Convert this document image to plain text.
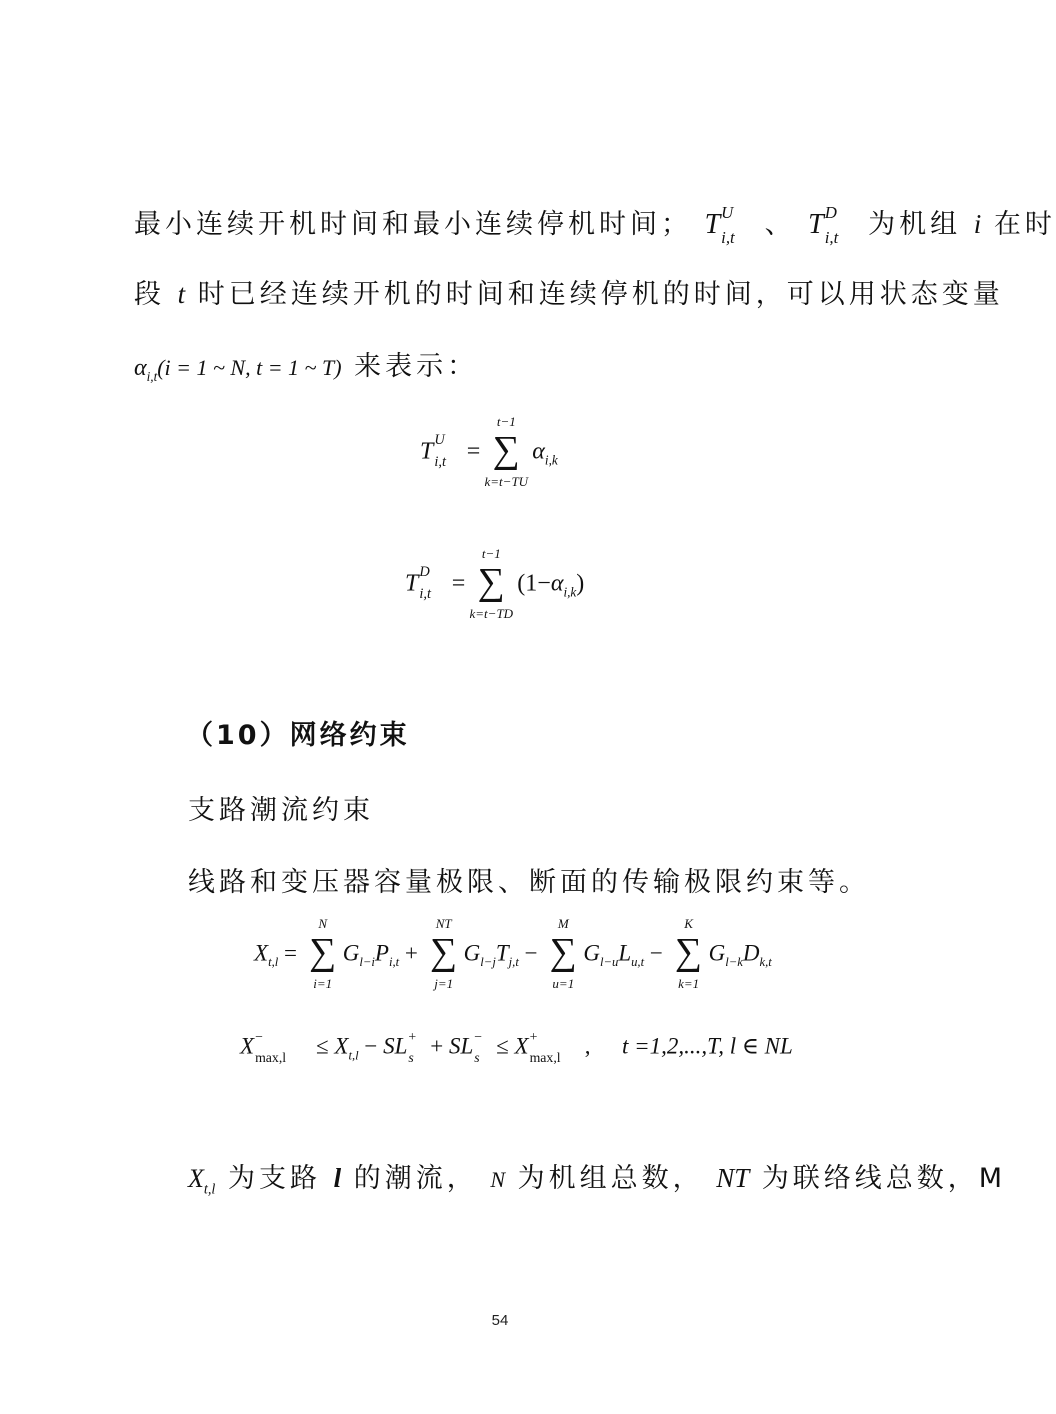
最小连续开机时间和最小连续停机时间； T U
i,t 、 T D
i,t 为机组 i 在时
段 t 时已经连续开机的时间和连续停机的时间，可以用状态变量
$\alpha_{i,t}(i = 1$ ~ N, t = 1 ~ T) 来表示：
T U
i,t =
t−1
∑
k=t−TU
$\alpha_{i,k}$
T D
i,t =
t−1
∑
k=t−TD
$(1-\alpha_{i,k})$
（10）网络约束
支路潮流约束
线路和变压器容量极限、断面的传输极限约束等。
$X_{t,l}$ =
N
∑
i=1
$G_{l-i}P_{i,t}$ +
NT
∑
j=1
$G_{l-j}T_{j,t}$ −
M
∑
u=1
$G_{l-u}L_{u,t}$ −
K
∑
k=1
$G_{l-k}D_{k,t}$
X −
$\max,l \le X_{t,l}$ − SL +
s + SL −
s ≤ X +
max,l , t =1,2,...,T, l ∈ NL
$X_{t,l}$ 为支路 l 的潮流， N 为机组总数， NT 为联络线总数，M
54
